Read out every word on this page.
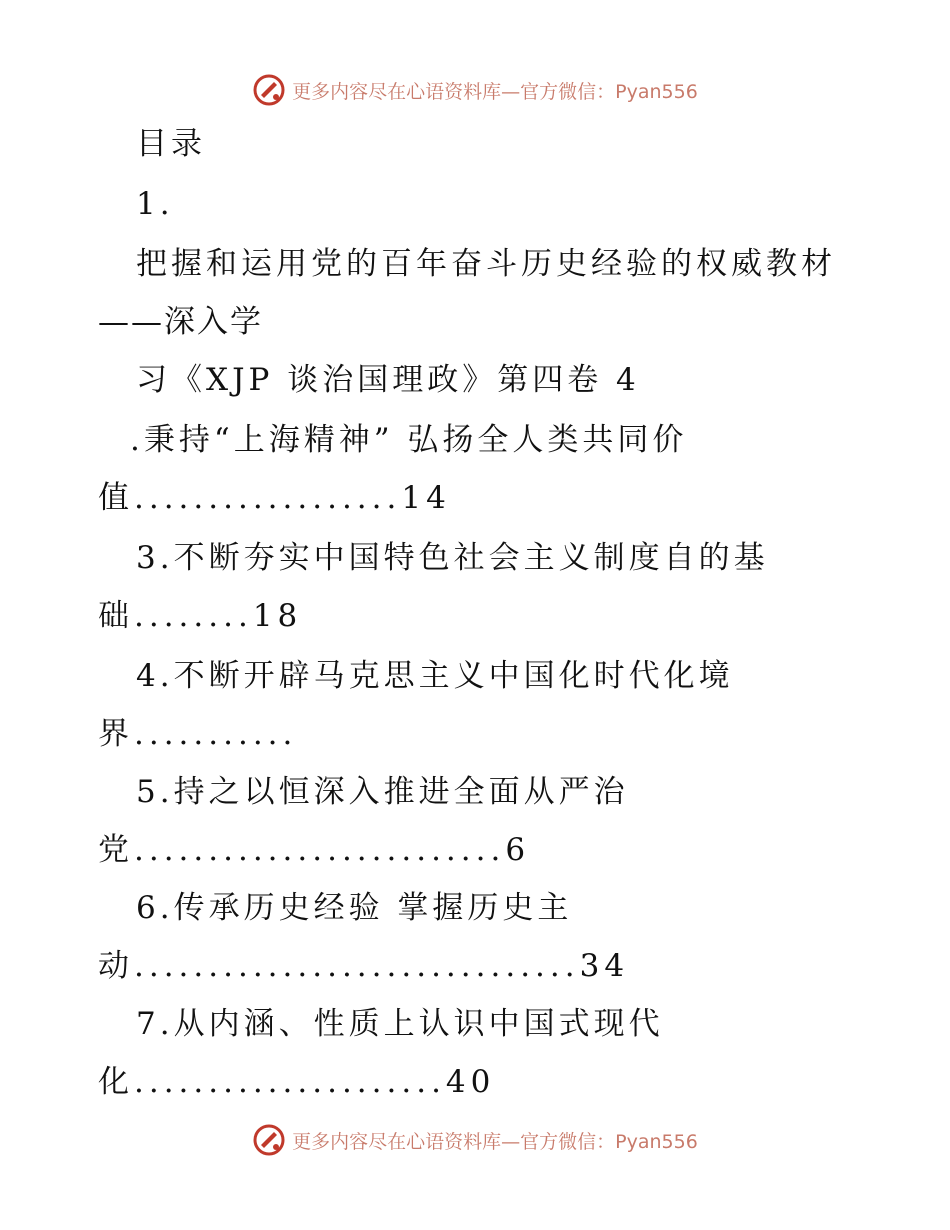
更多内容尽在心语资料库—官方微信：Pyan556
目录
1.
把握和运用党的百年奋斗历史经验的权威教材
——深入学
习《XJP 谈治国理政》第四卷 4
.秉持“上海精神” 弘扬全人类共同价
值..................14
3.不断夯实中国特色社会主义制度自的基
础........18
4.不断开辟马克思主义中国化时代化境
界...........
5.持之以恒深入推进全面从严治
党.........................6
6.传承历史经验 掌握历史主
动..............................34
7.从内涵、性质上认识中国式现代
化.....................40
更多内容尽在心语资料库—官方微信：Pyan556
